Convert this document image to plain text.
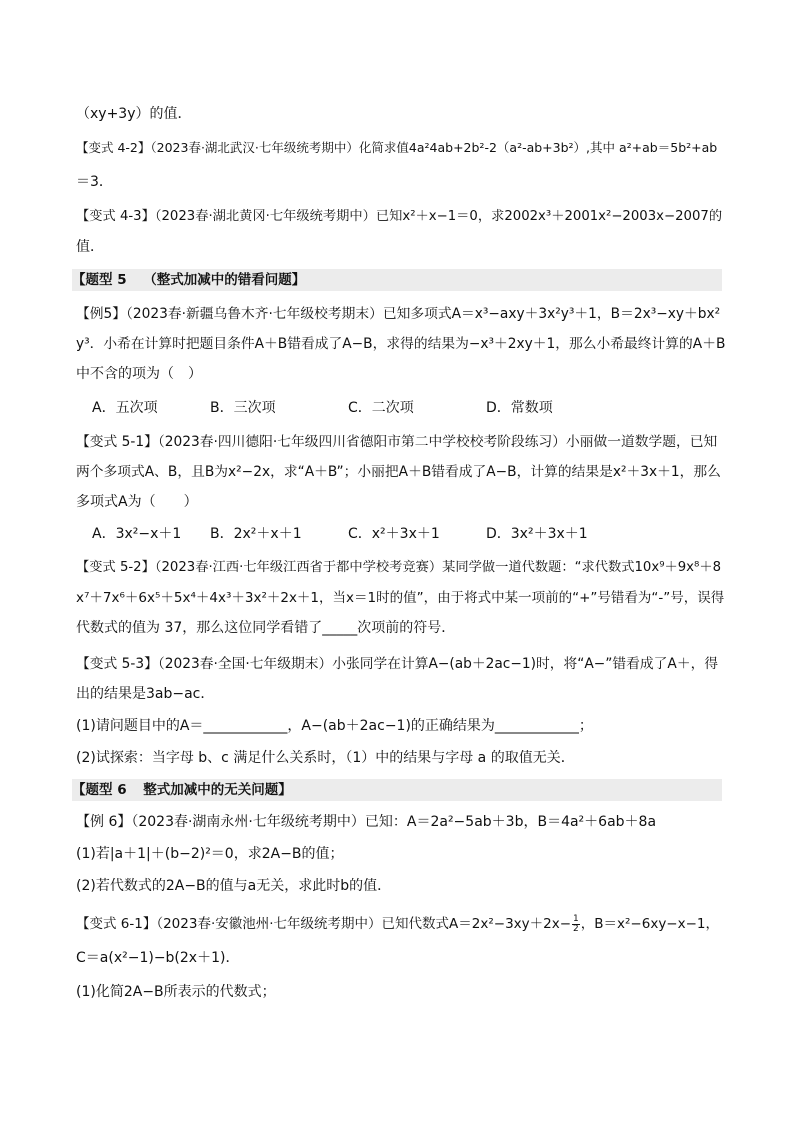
（xy+3y）的值．
【变式 4-2】（2023春·湖北武汉·七年级统考期中）化简求值4a²4ab+2b²-2（a²-ab+3b²）,其中 a²+ab＝5b²+ab
＝3．
【变式 4-3】（2023春·湖北黄冈·七年级统考期中）已知x²＋x−1＝0，求2002x³＋2001x²−2003x−2007的
值．
【题型 5 （整式加减中的错看问题】
【例5】（2023春·新疆乌鲁木齐·七年级校考期末）已知多项式A＝x³−axy＋3x²y³＋1，B＝2x³−xy＋bx²
y³．小希在计算时把题目条件A＋B错看成了A−B，求得的结果为−x³＋2xy＋1，那么小希最终计算的A＋B
中不含的项为（　）
A．五次项	B．三次项	C．二次项	D．常数项
【变式 5-1】（2023春·四川德阳·七年级四川省德阳市第二中学校校考阶段练习）小丽做一道数学题，已知
两个多项式A、B，且B为x²−2x，求“A＋B”；小丽把A＋B错看成了A−B，计算的结果是x²＋3x＋1，那么
多项式A为（　　）
A．3x²−x＋1 B．2x²＋x＋1	C．x²＋3x＋1	D．3x²＋3x＋1
【变式 5-2】（2023春·江西·七年级江西省于都中学校考竞赛）某同学做一道代数题：“求代数式10x⁹＋9x⁸＋8
x⁷＋7x⁶＋6x⁵＋5x⁴＋4x³＋3x²＋2x＋1，当x＝1时的值”，由于将式中某一项前的“+”号错看为“-”号，误得
代数式的值为 37，那么这位同学看错了_____次项前的符号．
【变式 5-3】（2023春·全国·七年级期末）小张同学在计算A−(ab＋2ac−1)时，将“A−”错看成了A＋，得
出的结果是3ab−ac．
(1)请问题目中的A＝____________，A−(ab＋2ac−1)的正确结果为____________；
(2)试探索：当字母 b、c 满足什么关系时，（1）中的结果与字母 a 的取值无关．
【题型 6 整式加减中的无关问题】
【例 6】（2023春·湖南永州·七年级统考期中）已知：A＝2a²−5ab＋3b，B＝4a²＋6ab＋8a
(1)若|a＋1|＋(b−2)²＝0，求2A−B的值；
(2)若代数式的2A−B的值与a无关，求此时b的值．
【变式 6-1】（2023春·安徽池州·七年级统考期中）已知代数式$A=2x^2-3xy+2x- \frac{1}{2}$ ，B＝x²−6xy−x−1，
C＝a(x²−1)−b(2x＋1)．
(1)化简2A−B所表示的代数式；
